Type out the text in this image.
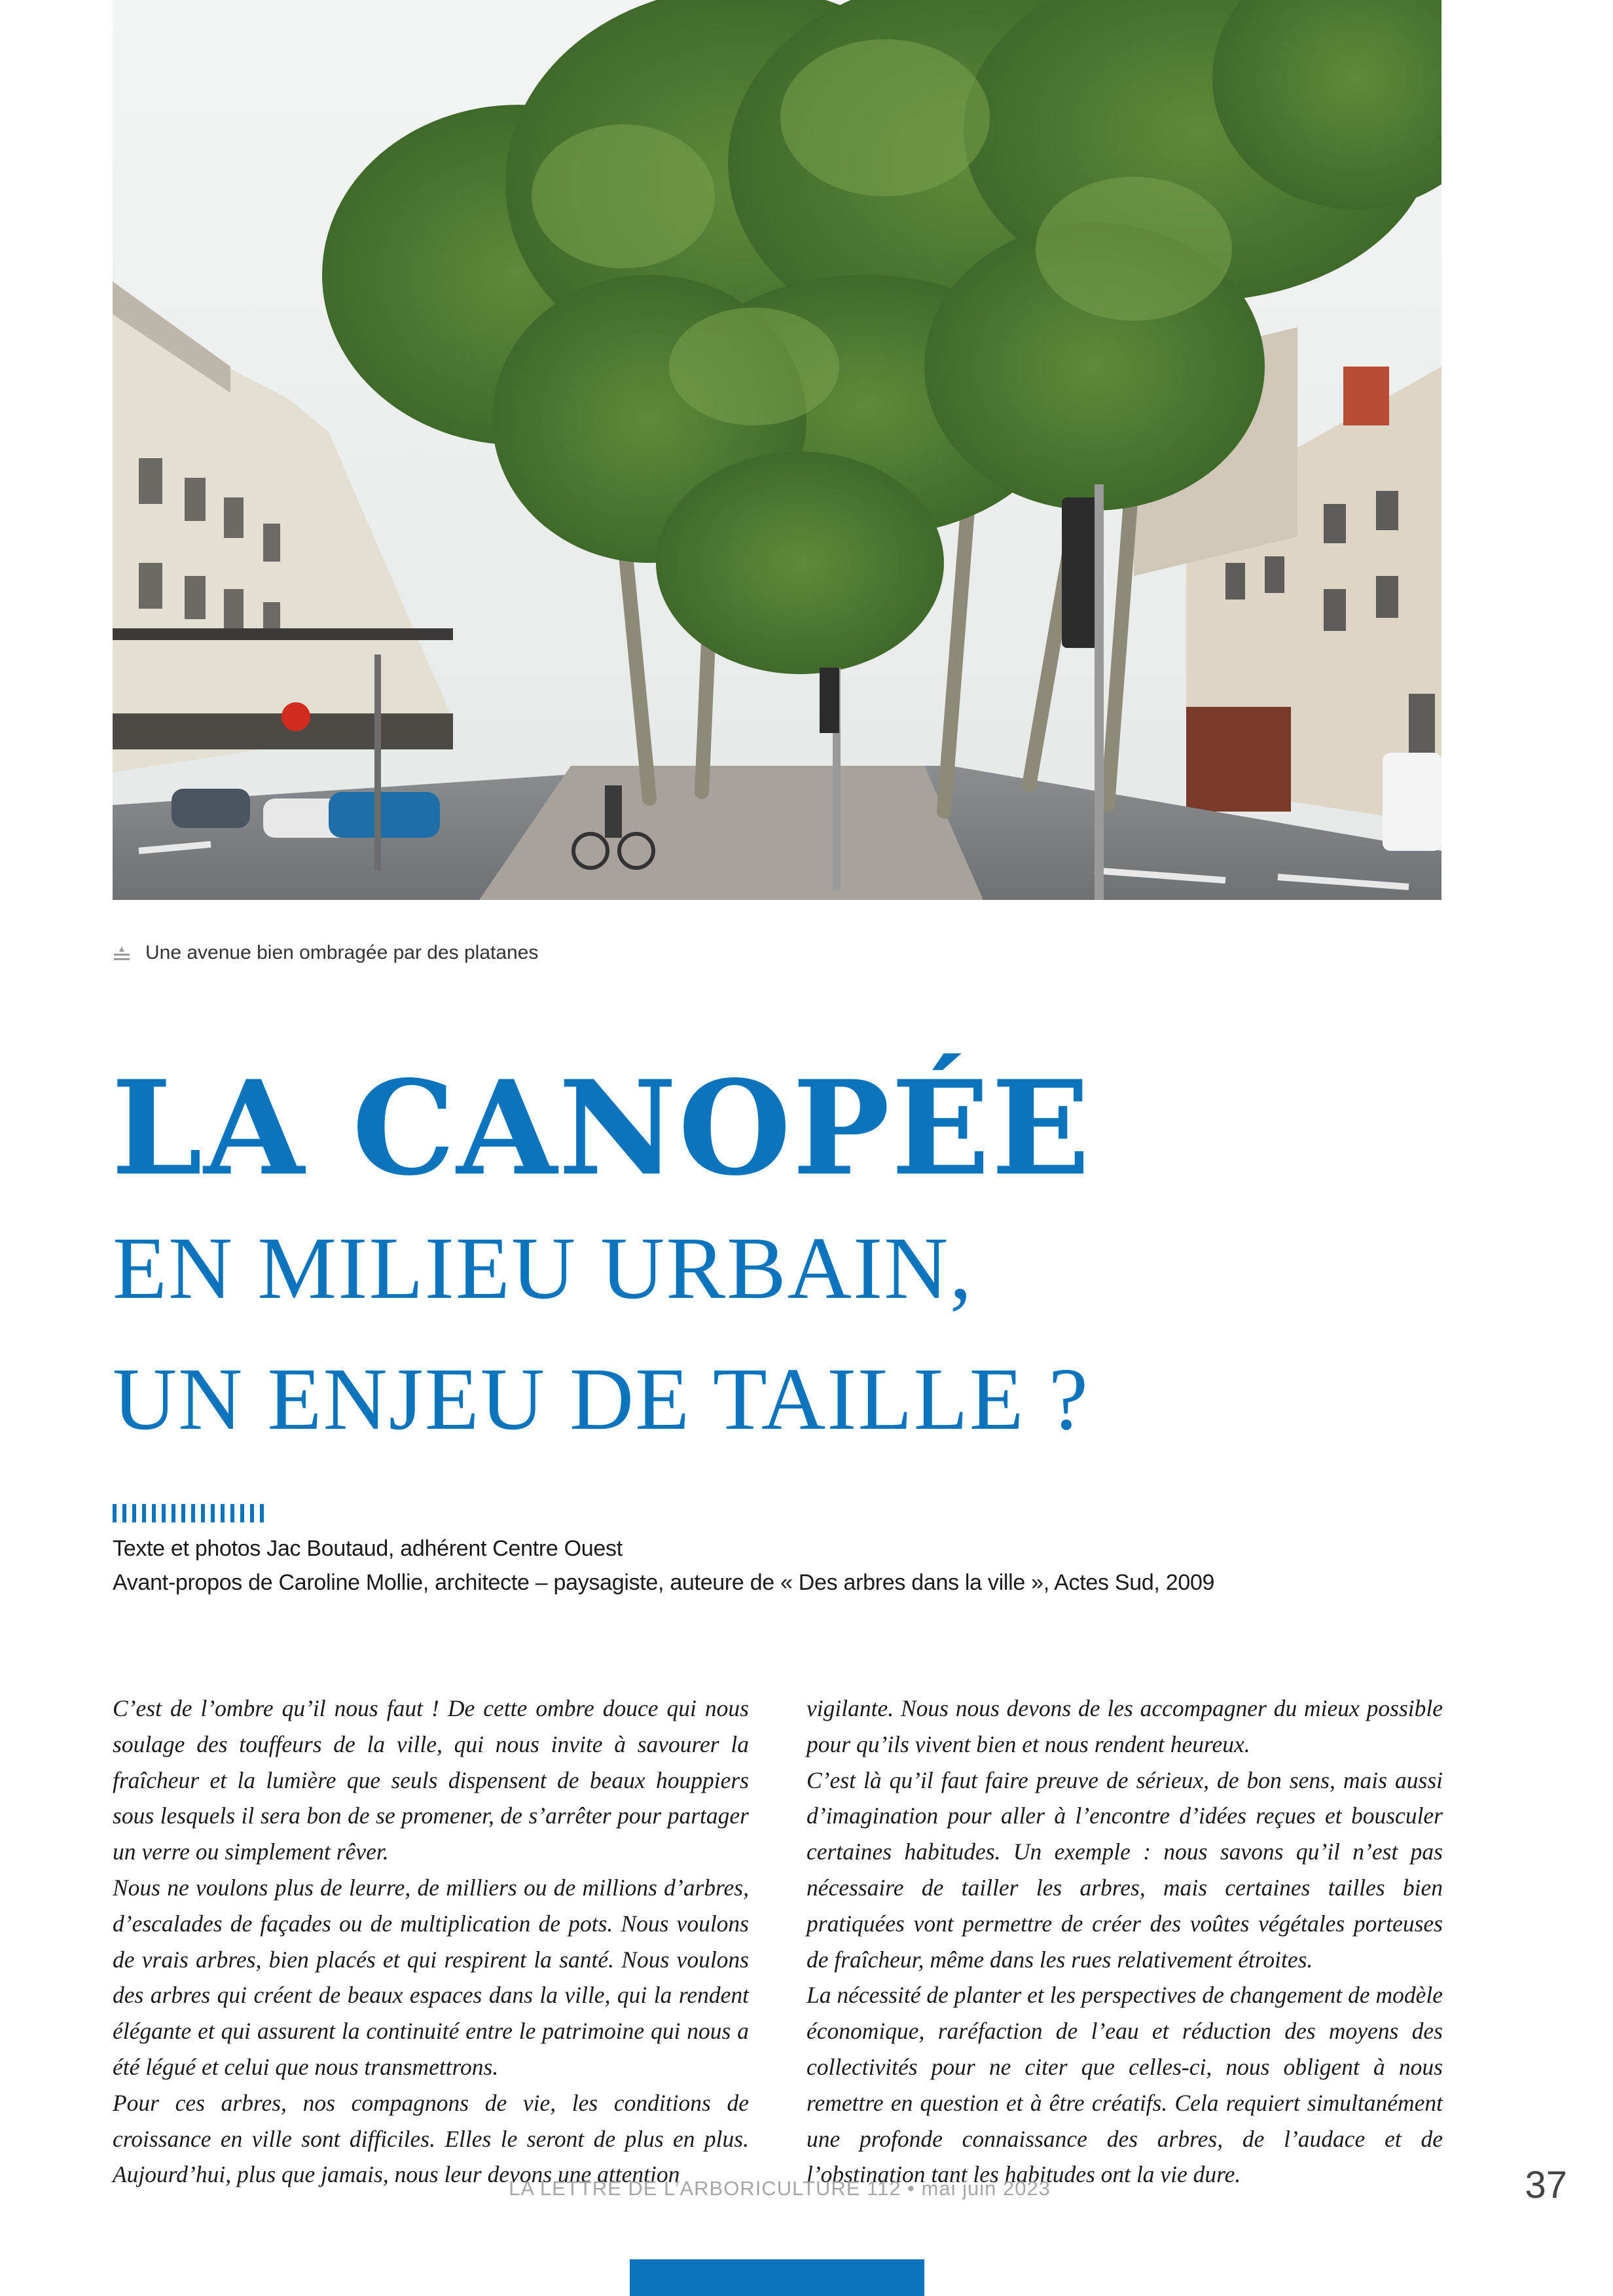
Une avenue bien ombragée par des platanes
LA CANOPÉE
EN MILIEU URBAIN,
UN ENJEU DE TAILLE ?
Texte et photos Jac Boutaud, adhérent Centre Ouest
Avant-propos de Caroline Mollie, architecte – paysagiste, auteure de « Des arbres dans la ville », Actes Sud, 2009

C’est de l’ombre qu’il nous faut ! De cette ombre douce qui nous soulage des touffeurs de la ville, qui nous invite à savourer la fraîcheur et la lumière que seuls dispensent de beaux houppiers sous lesquels il sera bon de se promener, de s’arrêter pour partager un verre ou simplement rêver.

Nous ne voulons plus de leurre, de milliers ou de millions d’arbres, d’escalades de façades ou de multiplication de pots. Nous voulons de vrais arbres, bien placés et qui respirent la santé. Nous voulons des arbres qui créent de beaux espaces dans la ville, qui la rendent élégante et qui assurent la continuité entre le patrimoine qui nous a été légué et celui que nous transmettrons.

Pour ces arbres, nos compagnons de vie, les conditions de croissance en ville sont difficiles. Elles le seront de plus en plus. Aujourd’hui, plus que jamais, nous leur devons une attention

vigilante. Nous nous devons de les accompagner du mieux possible pour qu’ils vivent bien et nous rendent heureux.

C’est là qu’il faut faire preuve de sérieux, de bon sens, mais aussi d’imagination pour aller à l’encontre d’idées reçues et bousculer certaines habitudes. Un exemple : nous savons qu’il n’est pas nécessaire de tailler les arbres, mais certaines tailles bien pratiquées vont permettre de créer des voûtes végétales porteuses de fraîcheur, même dans les rues relativement étroites.

La nécessité de planter et les perspectives de changement de modèle économique, raréfaction de l’eau et réduction des moyens des collectivités pour ne citer que celles-ci, nous obligent à nous remettre en question et à être créatifs. Cela requiert simultanément une profonde connaissance des arbres, de l’audace et de l’obstination tant les habitudes ont la vie dure.

LA LETTRE DE L’ARBORICULTURE 112 • mai juin 2023	37
